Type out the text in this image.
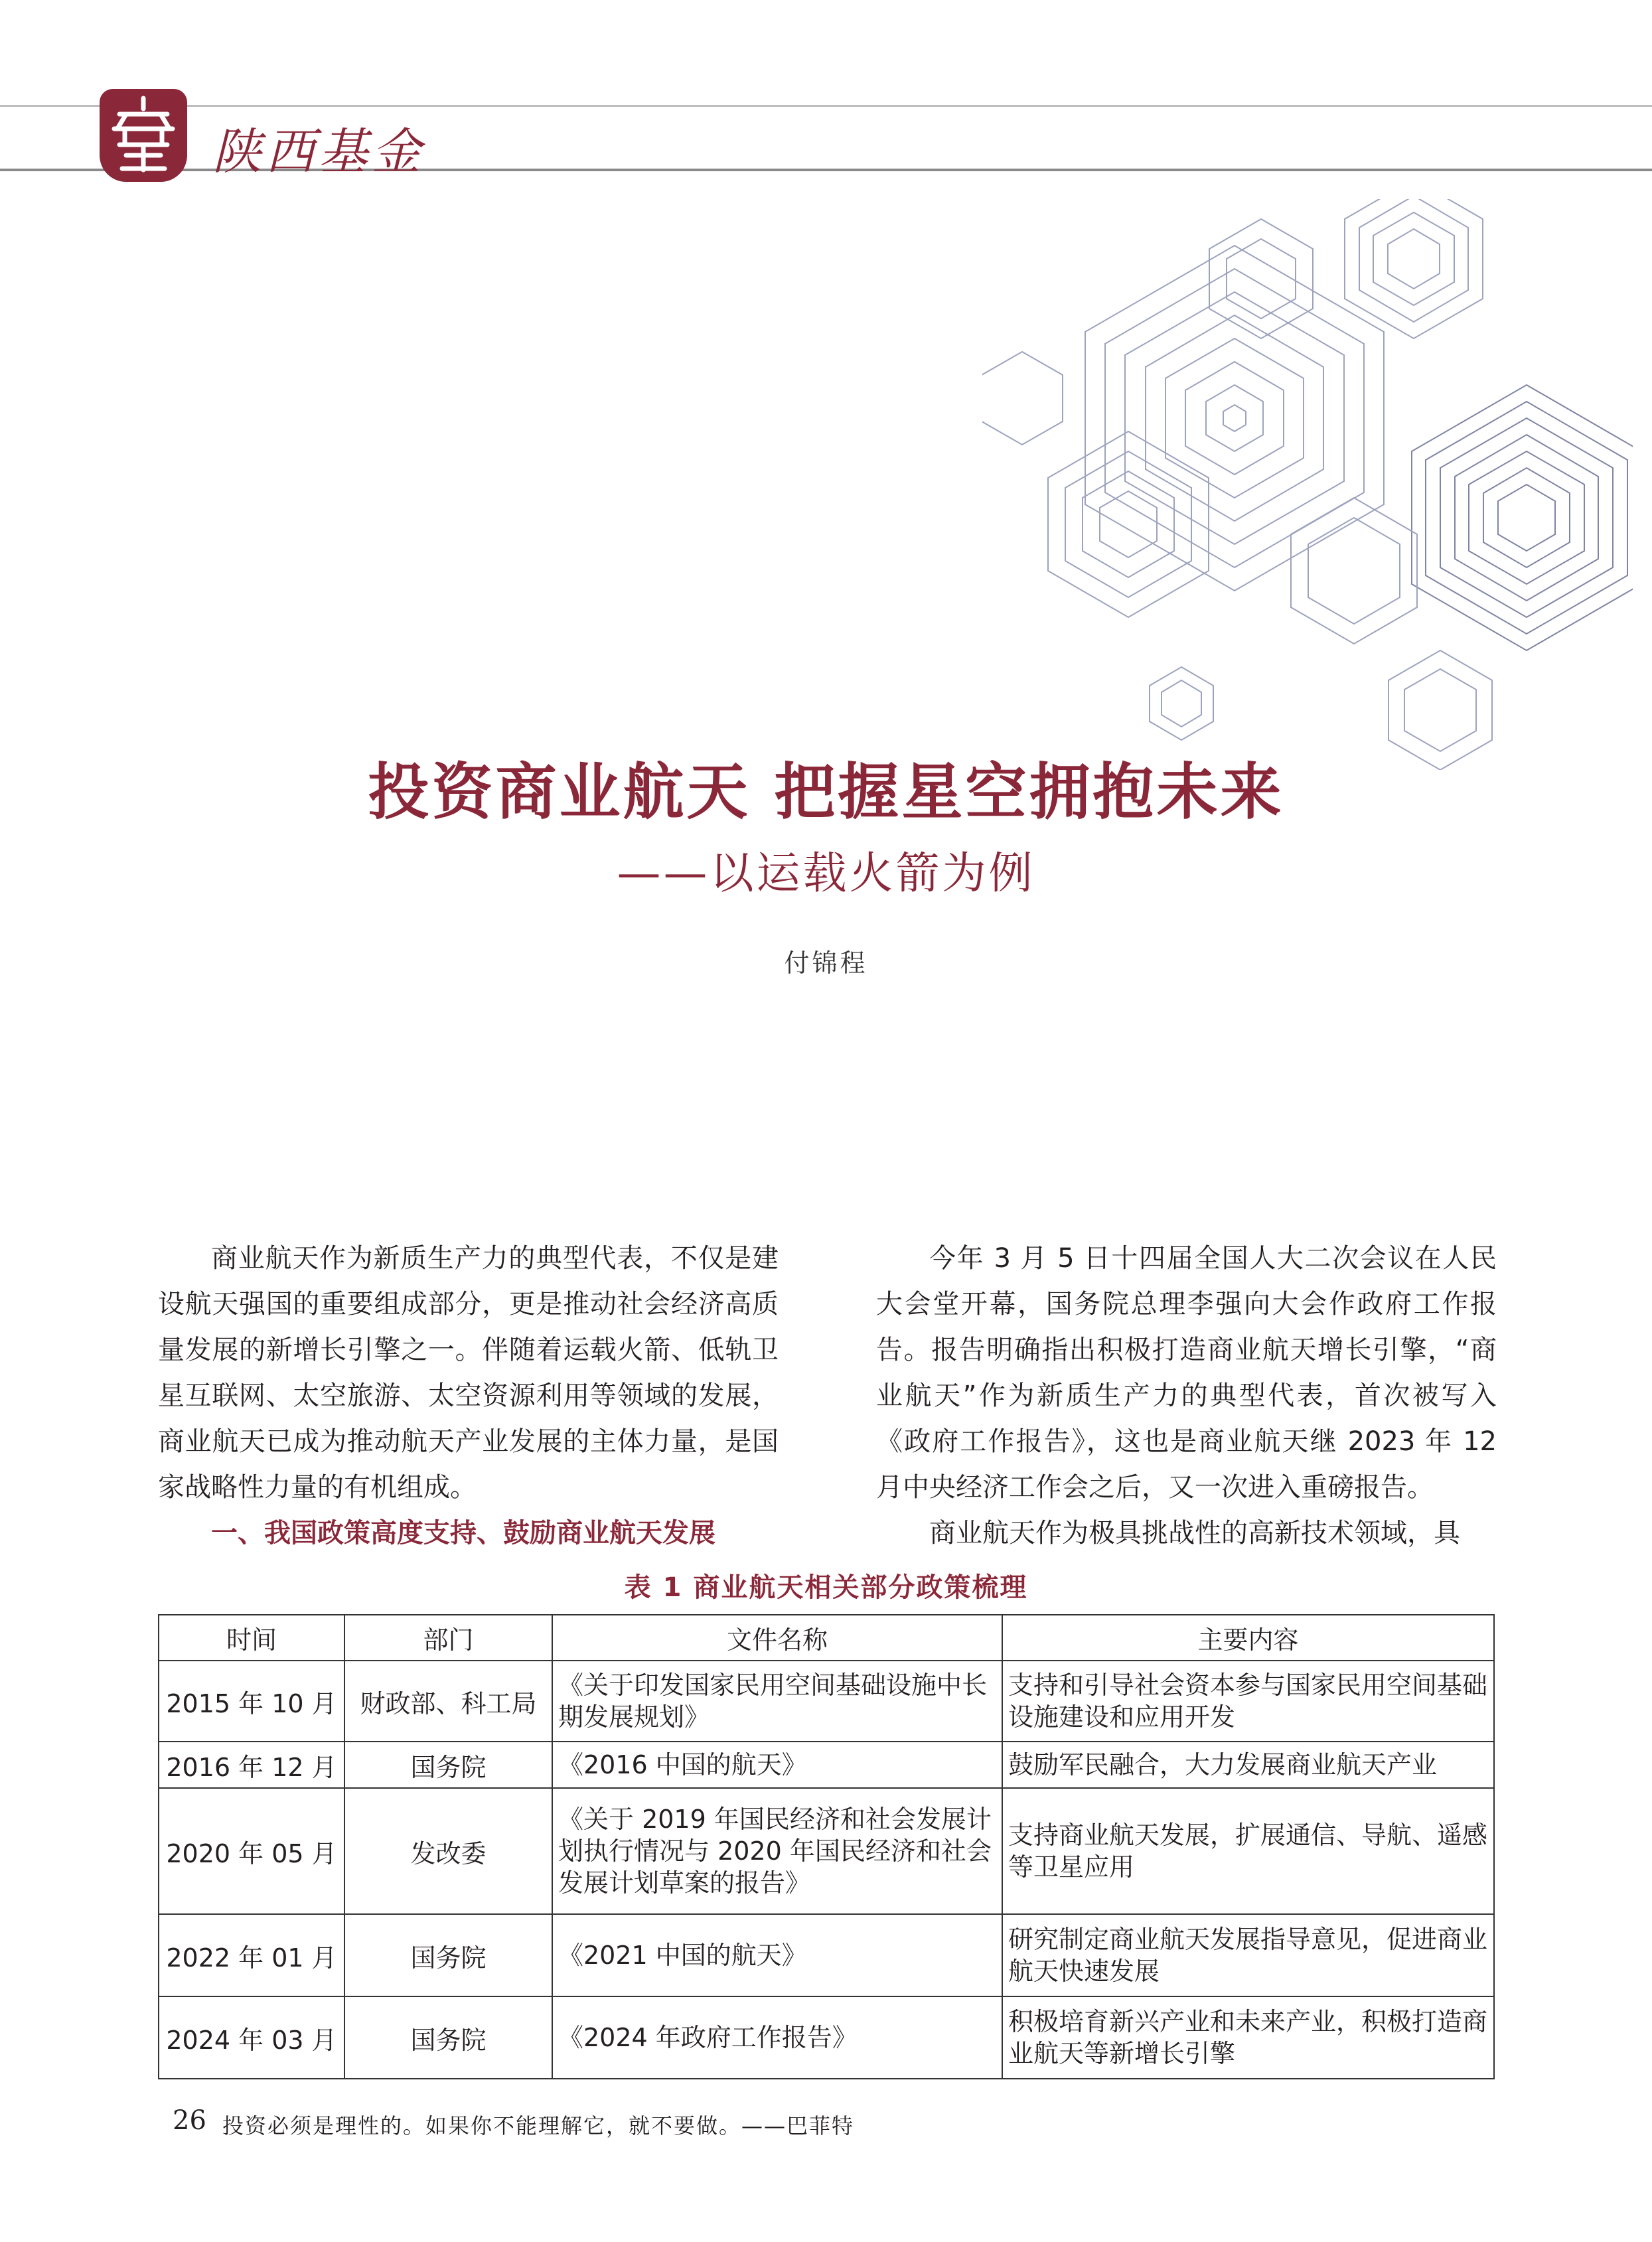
陕西基金
投资商业航天 把握星空拥抱未来
——以运载火箭为例
付锦程

商业航天作为新质生产力的典型代表，不仅是建设航天强国的重要组成部分，更是推动社会经济高质量发展的新增长引擎之一。伴随着运载火箭、低轨卫星互联网、太空旅游、太空资源利用等领域的发展，商业航天已成为推动航天产业发展的主体力量，是国家战略性力量的有机组成。

一、我国政策高度支持、鼓励商业航天发展

今年 3 月 5 日十四届全国人大二次会议在人民大会堂开幕，国务院总理李强向大会作政府工作报告。报告明确指出积极打造商业航天增长引擎，“商业航天”作为新质生产力的典型代表，首次被写入《政府工作报告》，这也是商业航天继 2023 年 12 月中央经济工作会之后，又一次进入重磅报告。

商业航天作为极具挑战性的高新技术领域，具

表 1 商业航天相关部分政策梳理
时间	部门	文件名称	主要内容
2015 年 10 月	财政部、科工局	《关于印发国家民用空间基础设施中长期发展规划》	支持和引导社会资本参与国家民用空间基础设施建设和应用开发
2016 年 12 月	国务院	《2016 中国的航天》	鼓励军民融合，大力发展商业航天产业
2020 年 05 月	发改委	《关于 2019 年国民经济和社会发展计划执行情况与 2020 年国民经济和社会发展计划草案的报告》	支持商业航天发展，扩展通信、导航、遥感等卫星应用
2022 年 01 月	国务院	《2021 中国的航天》	研究制定商业航天发展指导意见，促进商业航天快速发展
2024 年 03 月	国务院	《2024 年政府工作报告》	积极培育新兴产业和未来产业，积极打造商业航天等新增长引擎
26 投资必须是理性的。如果你不能理解它，就不要做。——巴菲特
